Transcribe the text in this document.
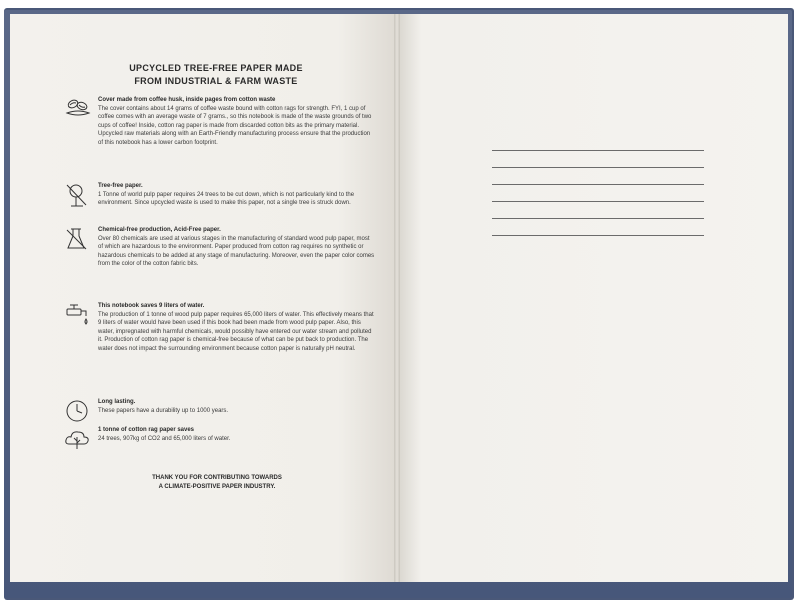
UPCYCLED TREE-FREE PAPER MADE
FROM INDUSTRIAL & FARM WASTE

Cover made from coffee husk, inside pages from cotton waste

The cover contains about 14 grams of coffee waste bound with cotton rags for strength. FYI, 1 cup of coffee comes with an average waste of 7 grams., so this notebook is made of the waste grounds of two cups of coffee! Inside, cotton rag paper is made from discarded cotton bits as the primary material. Upcycled raw materials along with an Earth-Friendly manufacturing process ensure that the production of this notebook has a lower carbon footprint.

Tree-free paper.

1 Tonne of world pulp paper requires 24 trees to be cut down, which is not particularly kind to the environment. Since upcycled waste is used to make this paper, not a single tree is struck down.

Chemical-free production, Acid-Free paper.

Over 80 chemicals are used at various stages in the manufacturing of standard wood pulp paper, most of which are hazardous to the environment. Paper produced from cotton rag requires no synthetic or hazardous chemicals to be added at any stage of manufacturing. Moreover, even the paper color comes from the color of the cotton fabric bits.

This notebook saves 9 liters of water.

The production of 1 tonne of wood pulp paper requires 65,000 liters of water. This effectively means that 9 liters of water would have been used if this book had been made from wood pulp paper. Also, this water, impregnated with harmful chemicals, would possibly have entered our water stream and polluted it. Production of cotton rag paper is chemical-free because of what can be put back to production. The water does not impact the surrounding environment because cotton paper is naturally pH neutral.

Long lasting.

These papers have a durability up to 1000 years.

1 tonne of cotton rag paper saves

24 trees, 907kg of CO2 and 65,000 liters of water.

THANK YOU FOR CONTRIBUTING TOWARDS
A CLIMATE-POSITIVE PAPER INDUSTRY.
